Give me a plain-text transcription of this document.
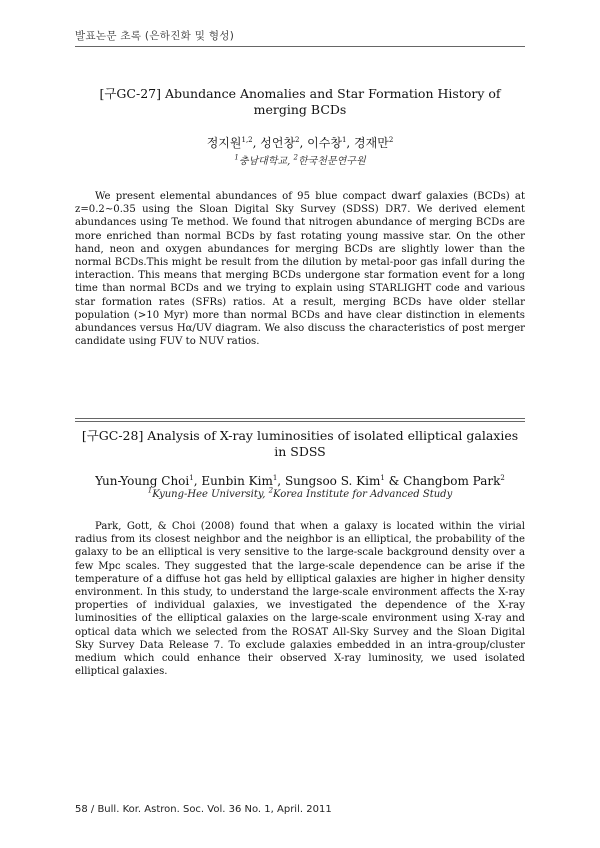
발표논문 초록 (은하진화 및 형성)
[구GC-27] Abundance Anomalies and Star Formation History of merging BCDs
정지원$^{1,2}$, 성언창$^2$, 이수창$^1$, 경재만$^2$
$^1$충남대학교, $^2$한국천문연구원
We present elemental abundances of 95 blue compact dwarf galaxies (BCDs) at z=0.2~0.35 using the Sloan Digital Sky Survey (SDSS) DR7. We derived element abundances using Te method. We found that nitrogen abundance of merging BCDs are more enriched than normal BCDs by fast rotating young massive star. On the other hand, neon and oxygen abundances for merging BCDs are slightly lower than the normal BCDs.This might be result from the dilution by metal-poor gas infall during the interaction. This means that merging BCDs undergone star formation event for a long time than normal BCDs and we trying to explain using STARLIGHT code and various star formation rates (SFRs) ratios. At a result, merging BCDs have older stellar population (>10 Myr) more than normal BCDs and have clear distinction in elements abundances versus Hα/UV diagram. We also discuss the characteristics of post merger candidate using FUV to NUV ratios.
[구GC-28] Analysis of X-ray luminosities of isolated elliptical galaxies in SDSS
Yun-Young Choi$^1$, Eunbin Kim$^1$, Sungsoo S. Kim$^1$ & Changbom Park$^2$
$^1$Kyung-Hee University, $^2$Korea Institute for Advanced Study
Park, Gott, & Choi (2008) found that when a galaxy is located within the virial radius from its closest neighbor and the neighbor is an elliptical, the probability of the galaxy to be an elliptical is very sensitive to the large-scale background density over a few Mpc scales. They suggested that the large-scale dependence can be arise if the temperature of a diffuse hot gas held by elliptical galaxies are higher in higher density environment. In this study, to understand the large-scale environment affects the X-ray properties of individual galaxies, we investigated the dependence of the X-ray luminosities of the elliptical galaxies on the large-scale environment using X-ray and optical data which we selected from the ROSAT All-Sky Survey and the Sloan Digital Sky Survey Data Release 7. To exclude galaxies embedded in an intra-group/cluster medium which could enhance their observed X-ray luminosity, we used isolated elliptical galaxies.
58 / Bull. Kor. Astron. Soc. Vol. 36 No. 1, April. 2011
